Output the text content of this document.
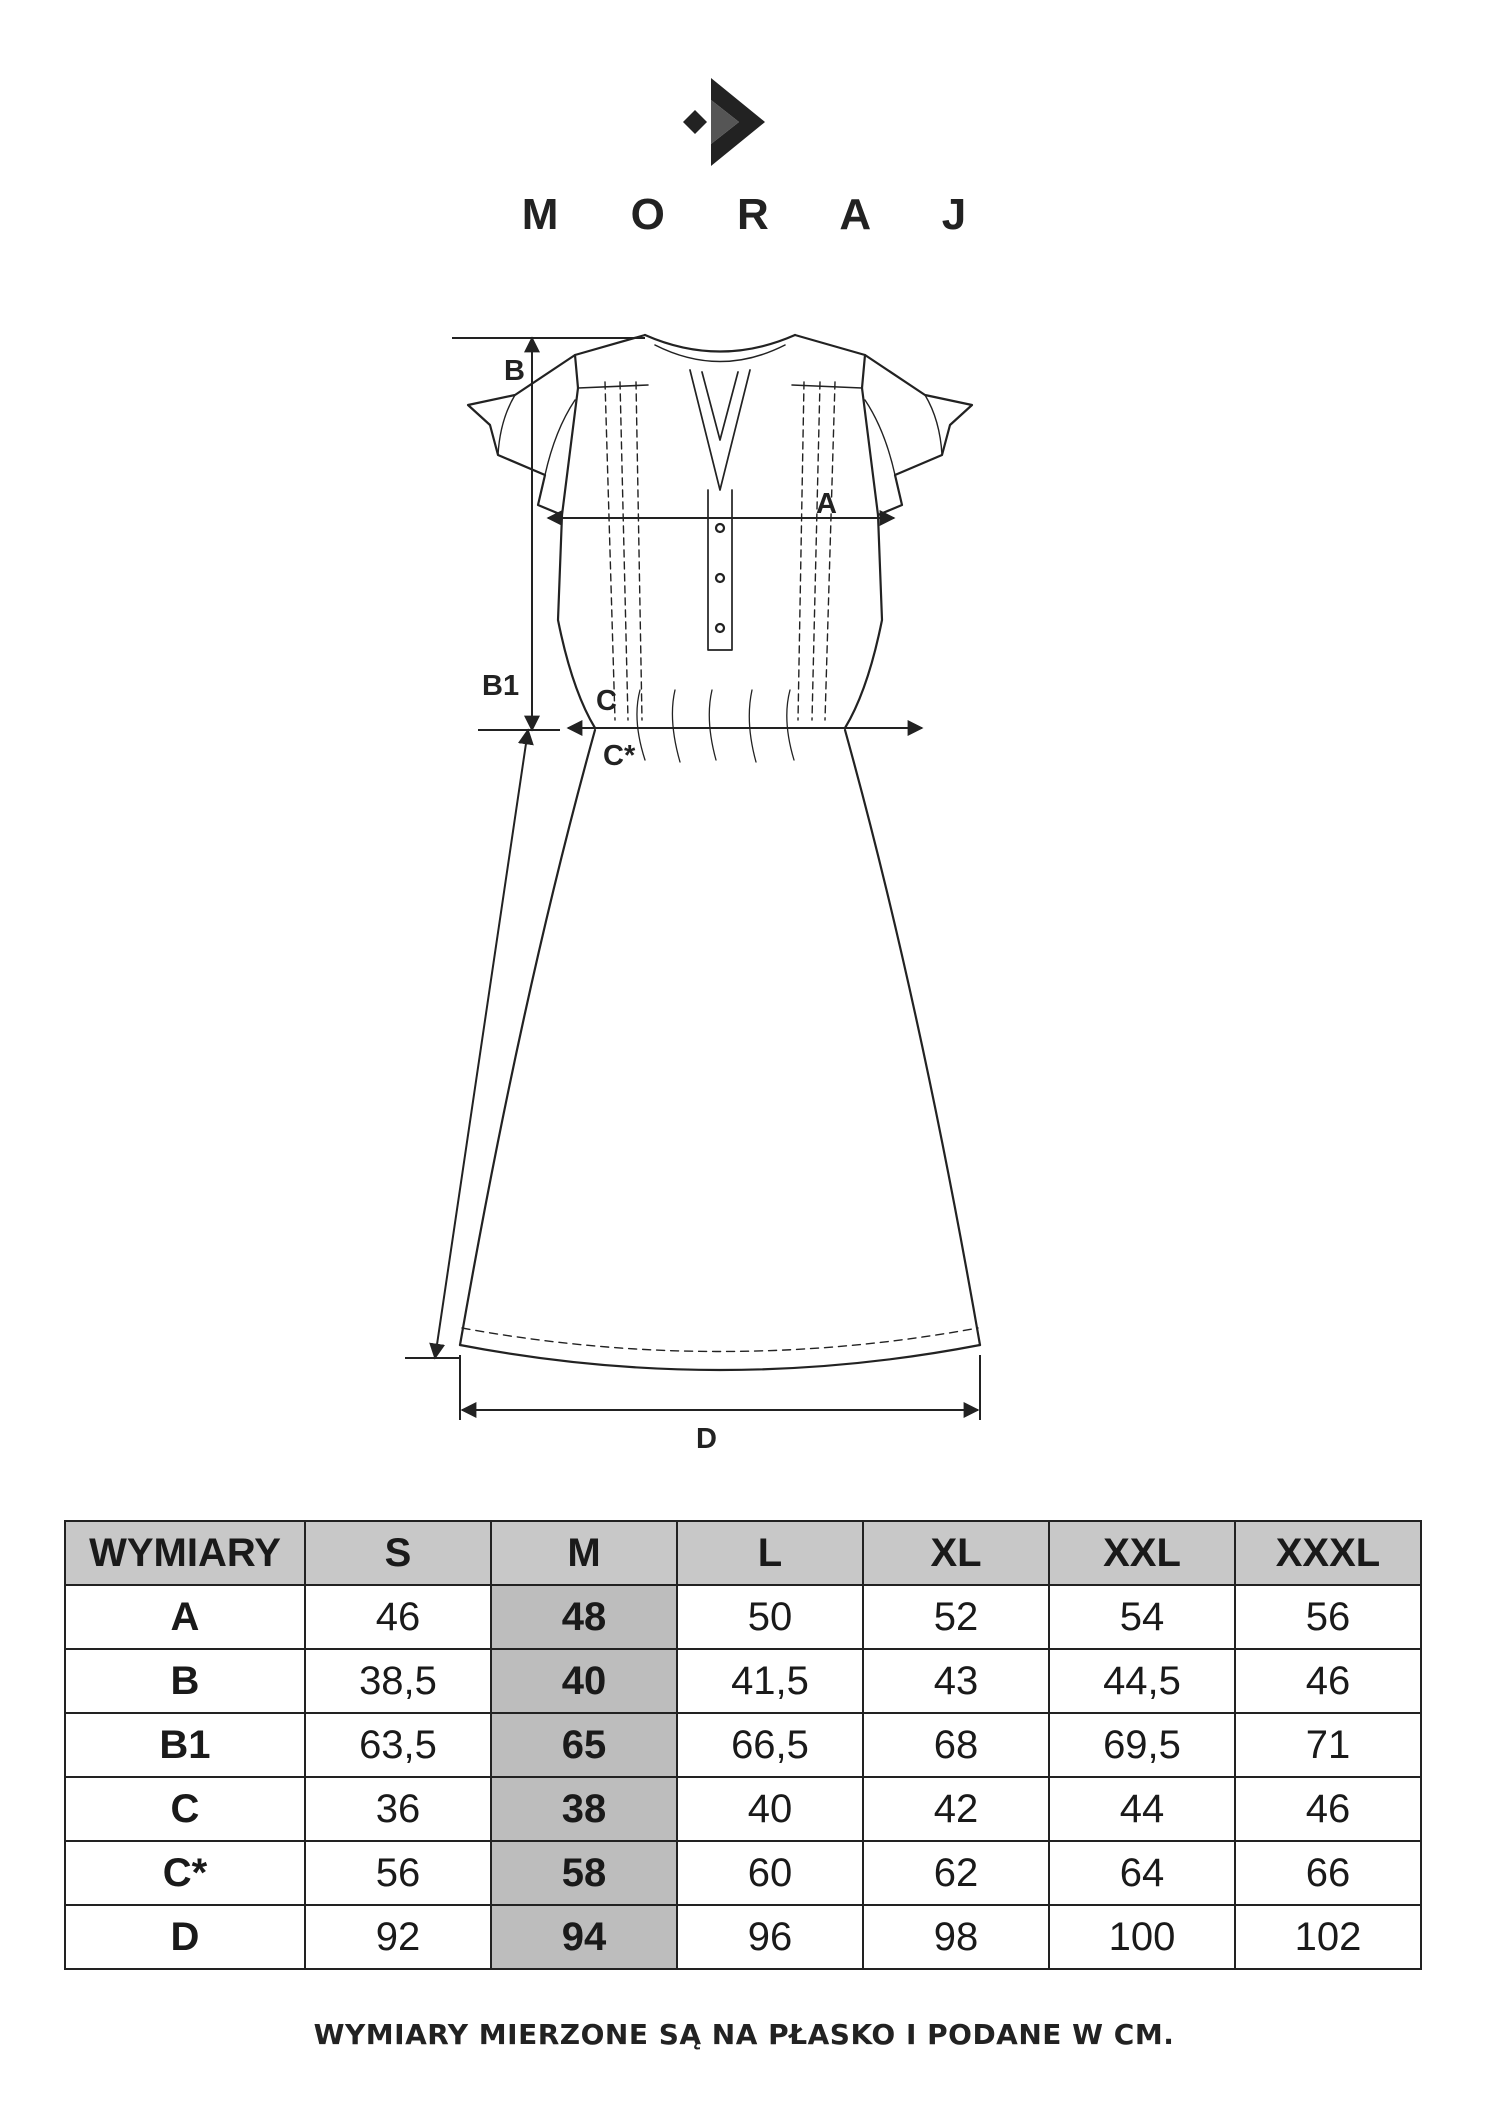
M O R A J
B
A
B1	C
C*
D
WYMIARY	S	M	L	XL	XXL	XXXL
A	46	48	50	52	54	56
B	38,5	40	41,5	43	44,5	46
B1	63,5	65	66,5	68	69,5	71
C	36	38	40	42	44	46
C*	56	58	60	62	64	66
D	92	94	96	98	100	102
WYMIARY MIERZONE SĄ NA PŁASKO I PODANE W CM.
